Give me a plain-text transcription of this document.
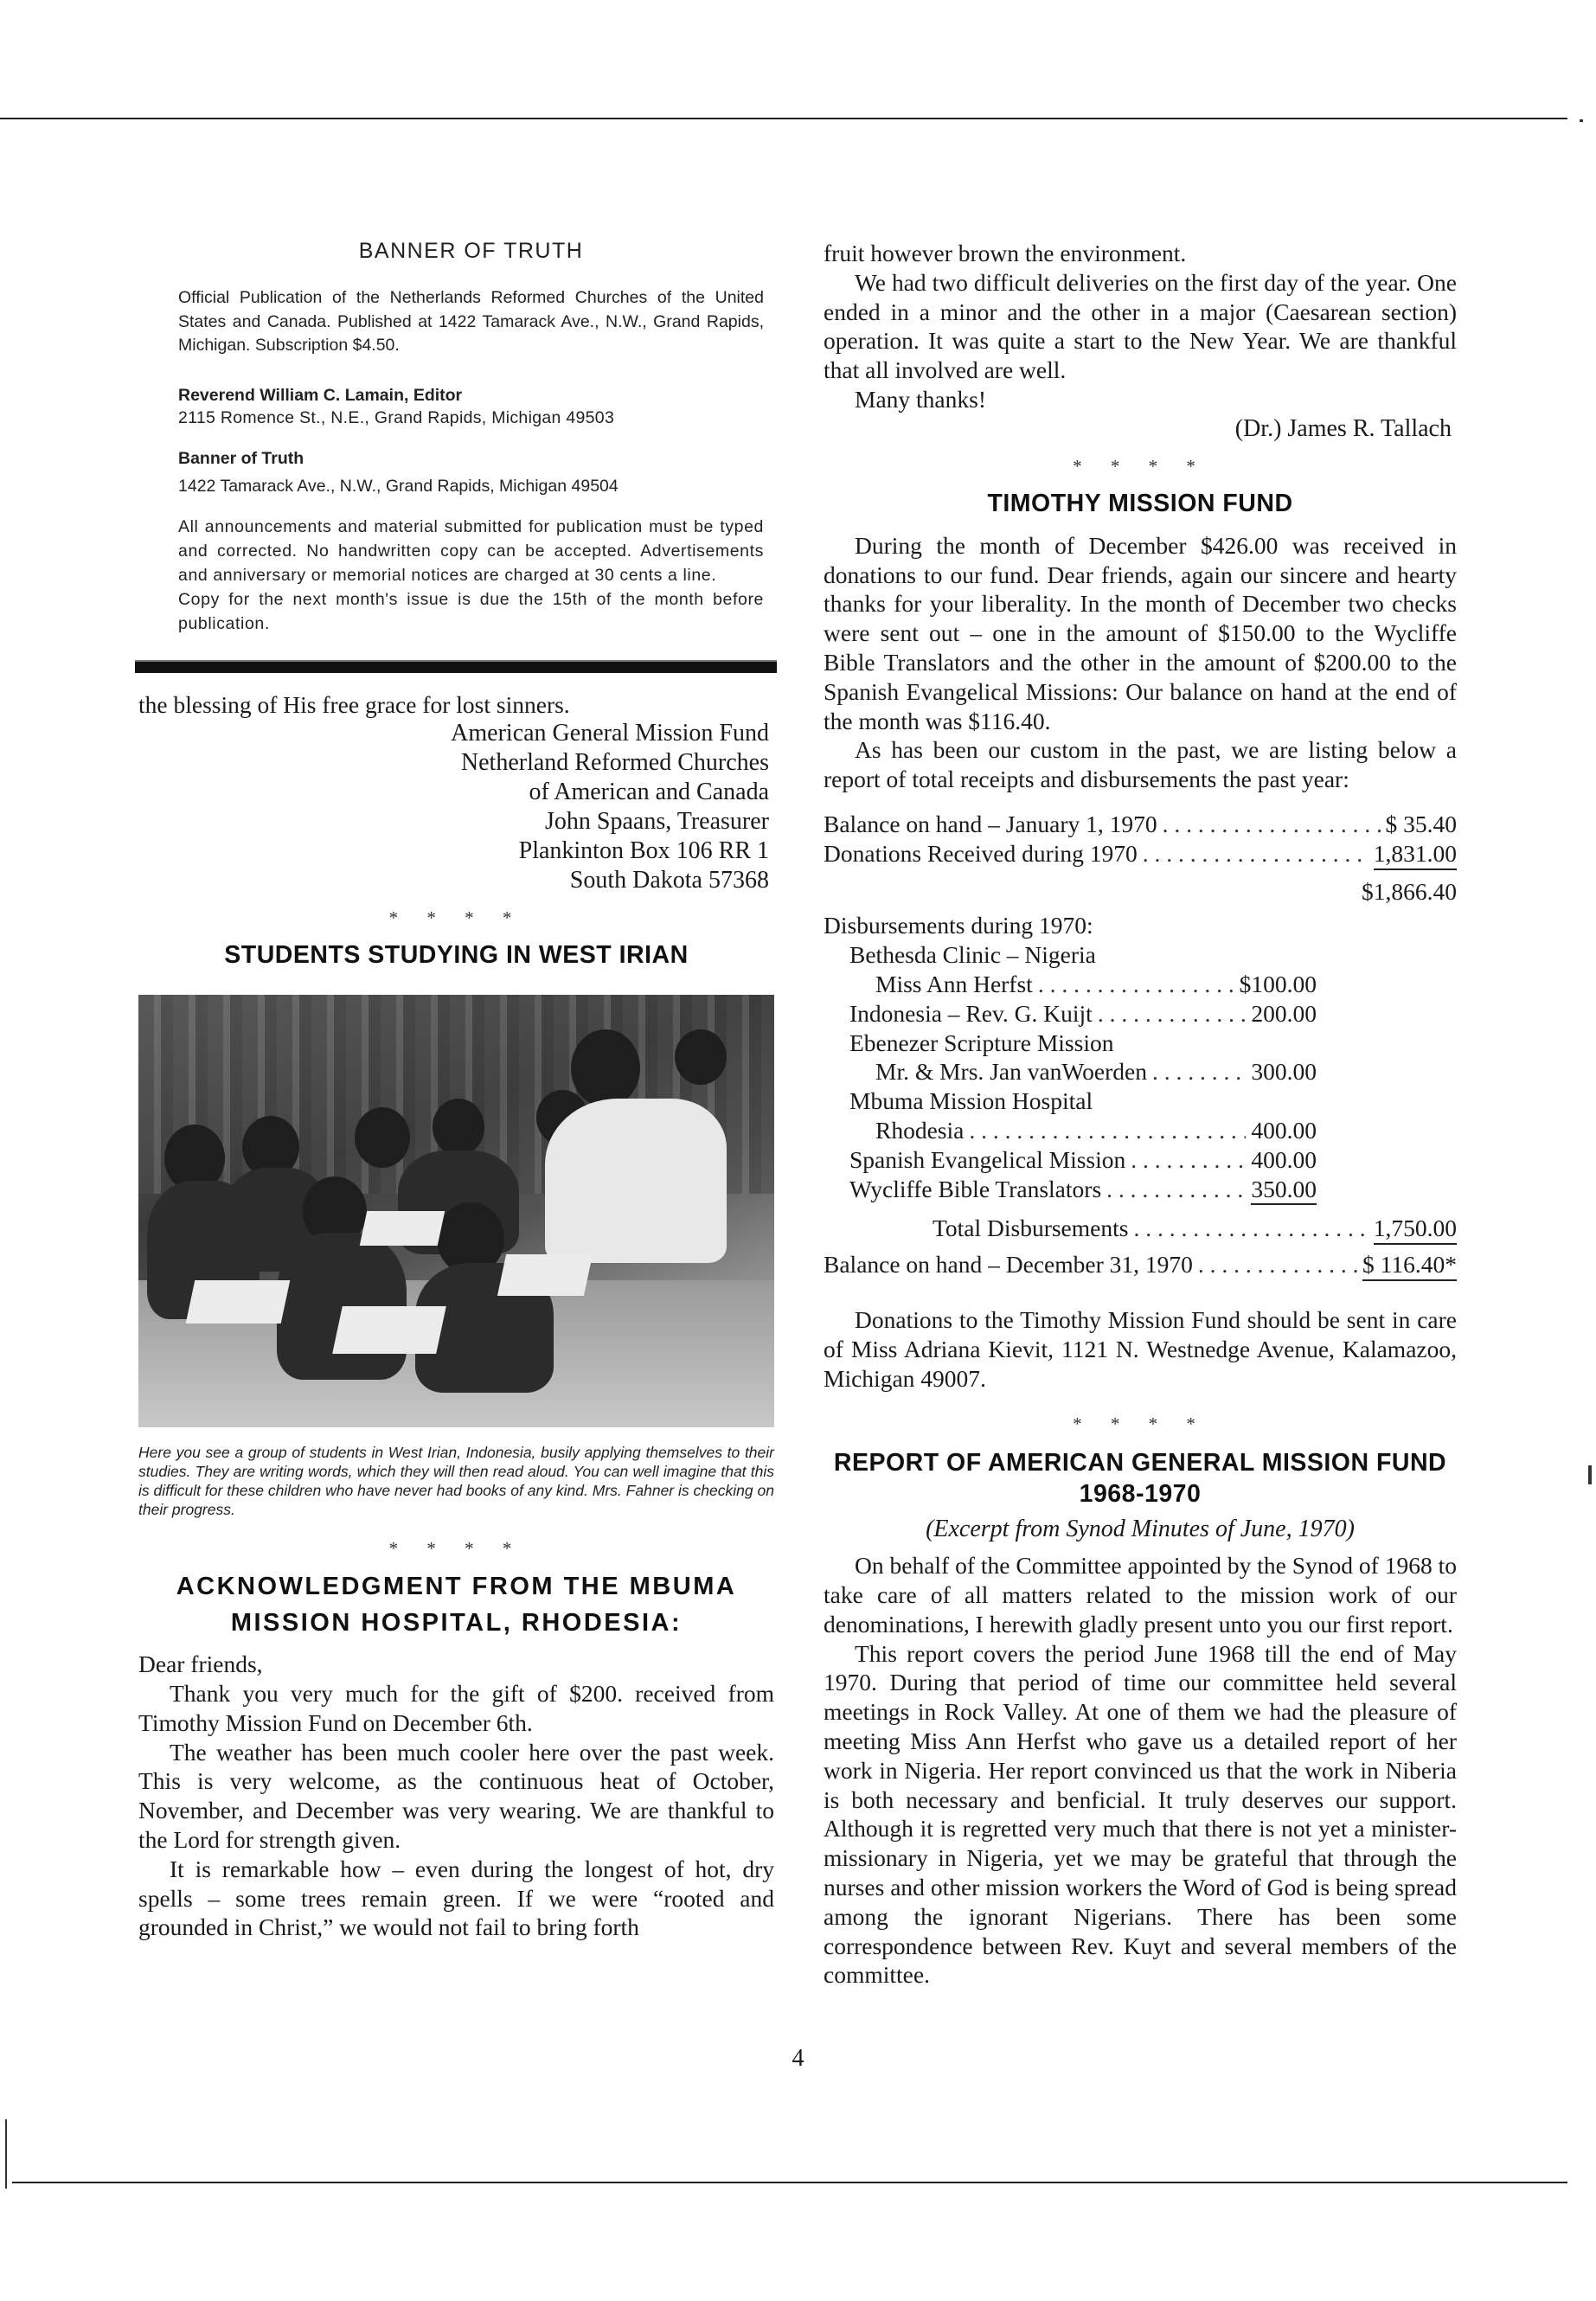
BANNER OF TRUTH

Official Publication of the Netherlands Reformed Churches of the United States and Canada. Published at 1422 Tamarack Ave., N.W., Grand Rapids, Michigan. Subscription $4.50.

Reverend William C. Lamain, Editor
2115 Romence St., N.E., Grand Rapids, Michigan 49503
Banner of Truth
1422 Tamarack Ave., N.W., Grand Rapids, Michigan 49504

All announcements and material submitted for publication must be typed and corrected. No handwritten copy can be accepted. Advertisements and anniversary or memorial notices are charged at 30 cents a line.

Copy for the next month's issue is due the 15th of the month before publication.

the blessing of His free grace for lost sinners.

American General Mission Fund
Netherland Reformed Churches
of American and Canada
John Spaans, Treasurer
Plankinton Box 106 RR 1
South Dakota 57368
* * * *
STUDENTS STUDYING IN WEST IRIAN

Here you see a group of students in West Irian, Indonesia, busily applying themselves to their studies. They are writing words, which they will then read aloud. You can well imagine that this is difficult for these children who have never had books of any kind. Mrs. Fahner is checking on their progress.

* * * *
ACKNOWLEDGMENT FROM THE MBUMA MISSION HOSPITAL, RHODESIA:

Dear friends,

Thank you very much for the gift of $200. received from Timothy Mission Fund on December 6th.

The weather has been much cooler here over the past week. This is very welcome, as the continuous heat of October, November, and December was very wearing. We are thankful to the Lord for strength given.

It is remarkable how – even during the longest of hot, dry spells – some trees remain green. If we were “rooted and grounded in Christ,” we would not fail to bring forth

fruit however brown the environment.

We had two difficult deliveries on the first day of the year. One ended in a minor and the other in a major (Caesarean section) operation. It was quite a start to the New Year. We are thankful that all involved are well.

Many thanks!

(Dr.) James R. Tallach
* * * *
TIMOTHY MISSION FUND

During the month of December $426.00 was received in donations to our fund. Dear friends, again our sincere and hearty thanks for your liberality. In the month of December two checks were sent out – one in the amount of $150.00 to the Wycliffe Bible Translators and the other in the amount of $200.00 to the Spanish Evangelical Missions: Our balance on hand at the end of the month was $116.40.

As has been our custom in the past, we are listing below a report of total receipts and disbursements the past year:

Balance on hand – January 1, 1970 . . .	$ 35.40
Donations Received during 1970 . . .	1,831.00
$1,866.40
Disbursements during 1970:
Bethesda Clinic – Nigeria
Miss Ann Herfst . . .	$100.00
Indonesia – Rev. G. Kuijt . . .	200.00
Ebenezer Scripture Mission
Mr. & Mrs. Jan vanWoerden . . .	300.00
Mbuma Mission Hospital
Rhodesia . . .	400.00
Spanish Evangelical Mission . . .	400.00
Wycliffe Bible Translators . . .	350.00
Total Disbursements . . .	1,750.00
Balance on hand – December 31, 1970 . . .	$ 116.40*

Donations to the Timothy Mission Fund should be sent in care of Miss Adriana Kievit, 1121 N. Westnedge Avenue, Kalamazoo, Michigan 49007.

* * * *
REPORT OF AMERICAN GENERAL MISSION FUND
1968-1970
(Excerpt from Synod Minutes of June, 1970)

On behalf of the Committee appointed by the Synod of 1968 to take care of all matters related to the mission work of our denominations, I herewith gladly present unto you our first report.

This report covers the period June 1968 till the end of May 1970. During that period of time our committee held several meetings in Rock Valley. At one of them we had the pleasure of meeting Miss Ann Herfst who gave us a detailed report of her work in Nigeria. Her report convinced us that the work in Niberia is both necessary and benficial. It truly deserves our support. Although it is regretted very much that there is not yet a minister-missionary in Nigeria, yet we may be grateful that through the nurses and other mission workers the Word of God is being spread among the ignorant Nigerians. There has been some correspondence between Rev. Kuyt and several members of the committee.

4
